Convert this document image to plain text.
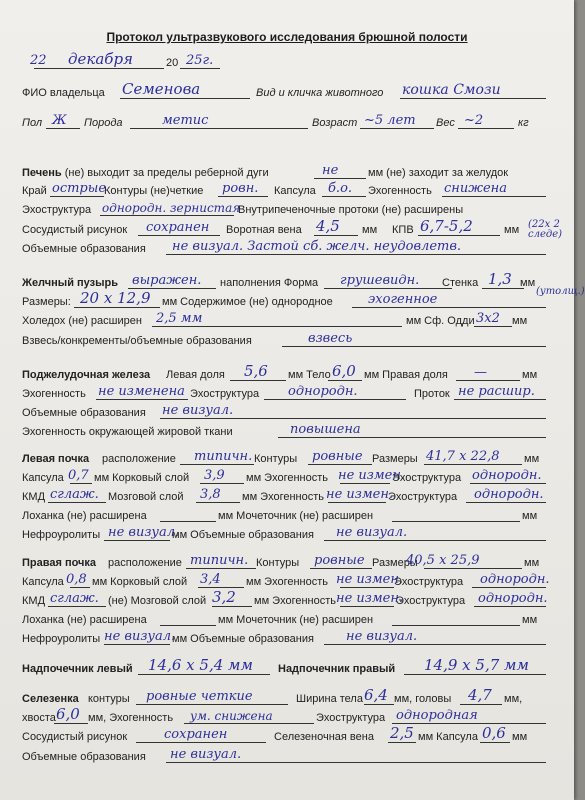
Протокол ультразвукового исследования брюшной полости
22 декабря	20 25г.
ФИО владельца Семенова	Вид и кличка животного кошка Смози
Пол Ж Порода	метис	Возраст ~5 лет Вес ~2	кг
Печень (не) выходит за пределы реберной дуги	не	мм (не) заходит за желудок
Край острые
Контуры (не)четкие ровн. Капсула б.о. Эхогенность снижена
Эхоструктура однородн. зернистая
Внутрипеченочные протоки (не) расширены
Сосудистый рисунок сохранен Воротная вена 4,5 мм КПВ 6,7-5,2	мм (22х 2 следе)
Объемные образования не визуал. Застой сб. желч. неудовлетв.
Желчный пузырь выражен. наполнения Форма грушевидн. Стенка 1,3 мм
(утолщ.)
Размеры: 20 х 12,9 мм Содержимое (не) однородное	эхогенное
Холедох (не) расширен 2,5 мм	мм Сф. Одди 3х2 мм
Взвесь/конкременты/объемные образования	взвесь
Поджелудочная железа Левая доля 5,6 мм Тело 6,0 мм Правая доля —	мм
Эхогенность не изменена Эхоструктура однородн.	Проток не расшир.
Объемные образования не визуал.
Эхогенность окружающей жировой ткани	повышена
Левая почка расположение типичн. Контуры ровные Размеры 41,7 х 22,8 мм
Капсула 0,7 мм Корковый слой 3,9 мм Эхогенность не измен.
Эхоструктура однородн.
КМД сглаж. Мозговой слой 3,8 мм Эхогенность не измен.
Эхоструктура однородн.
Лоханка (не) расширена	мм Мочеточник (не) расширен	мм
Нефроуролиты не визуал.
мм Объемные образования не визуал.
Правая почка расположение типичн. Контуры ровные Размеры
40,5 х 25,9	мм
Капсула 0,8 мм Корковый слой 3,4 мм Эхогенность не измен.
Эхоструктура однородн.
КМД сглаж. (не) Мозговой слой 3,2 мм Эхогенность не измен.
Эхоструктура однородн.
Лоханка (не) расширена	мм Мочеточник (не) расширен	мм
Нефроуролиты не визуал.
мм Объемные образования не визуал.
Надпочечник левый 14,6 х 5,4 мм Надпочечник правый 14,9 х 5,7 мм
Селезенка контуры ровные четкие	Ширина тела 6,4 мм, головы 4,7 мм,
хвоста 6,0 мм, Эхогенность ум. снижена	Эхоструктура однородная
Сосудистый рисунок	сохранен	Селезеночная вена 2,5 мм Капсула 0,6 мм
Объемные образования не визуал.
